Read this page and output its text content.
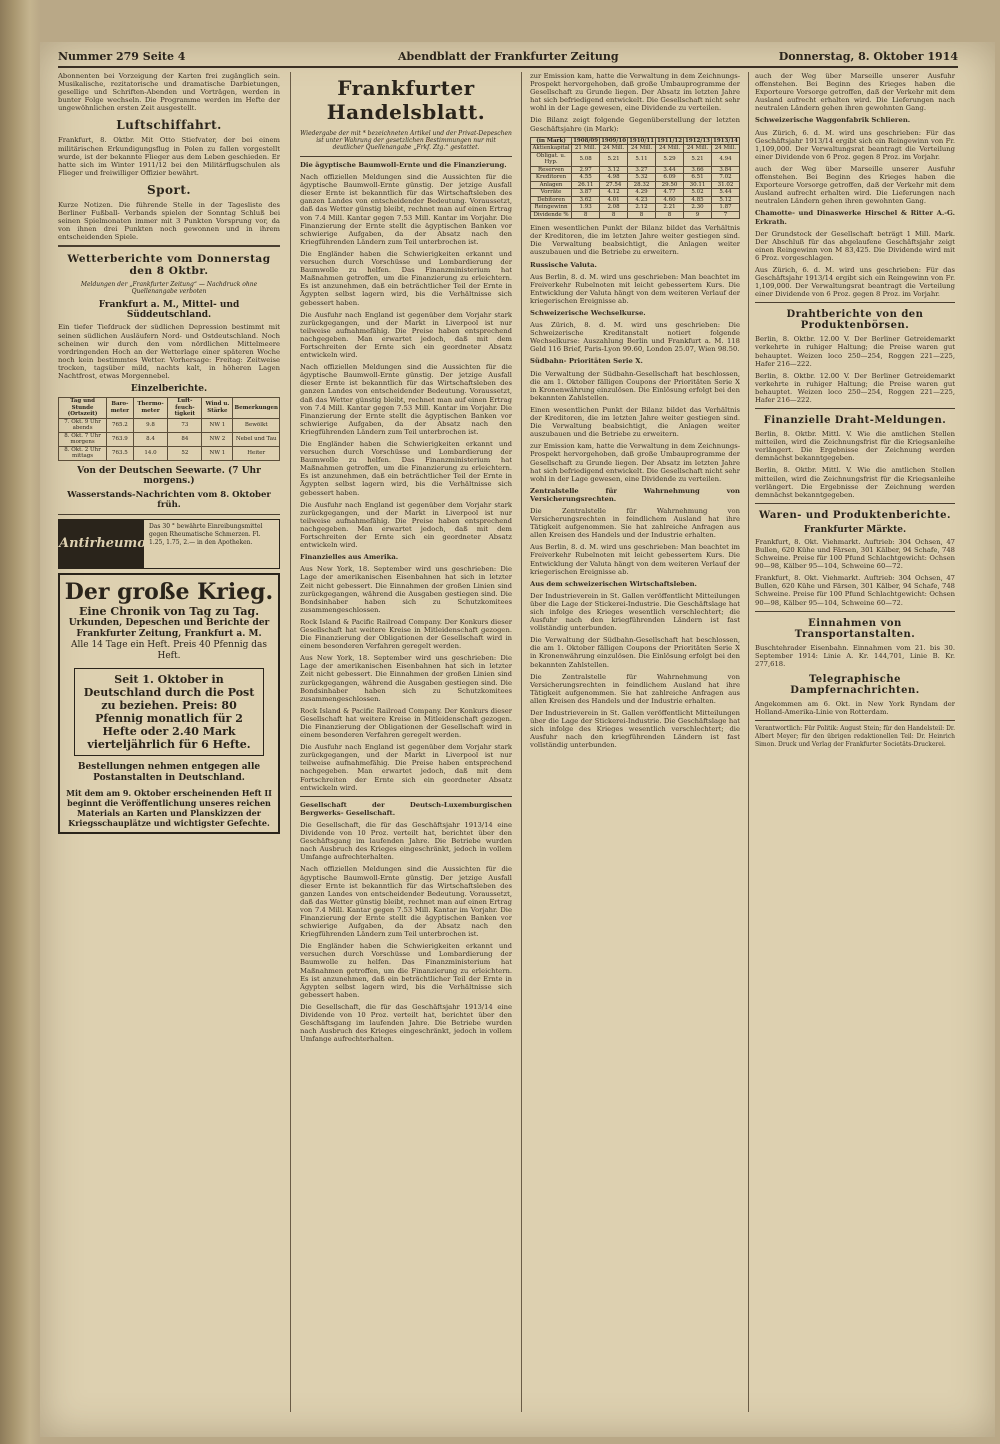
Nummer 279 Seite 4	Abendblatt der Frankfurter Zeitung	Donnerstag, 8. Oktober 1914

Abonnenten bei Vorzeigung der Karten frei zugänglich sein. Musikalische, rezitatorische und dramatische Darbietungen, gesellige und Schriften-Abenden und Vorträgen, werden in bunter Folge wechseln. Die Programme werden im Hefte der ungewöhnlichen ersten Zeit ausgestellt.

Luftschiffahrt.

Frankfurt, 8. Oktbr. Mit Otto Stiefvater, der bei einem militärischen Erkundigungsflug in Polen zu fallen vorgestellt wurde, ist der bekannte Flieger aus dem Leben geschieden. Er hatte sich im Winter 1911/12 bei den Militärflugschulen als Flieger und freiwilliger Offizier bewährt.

Sport.

Kurze Notizen. Die führende Stelle in der Tagesliste des Berliner Fußball- Verbands spielen der Sonntag Schluß bei seinen Spielmonaten immer mit 3 Punkten Vorsprung vor, da von ihnen drei Punkten noch gewonnen und in ihrem entscheidenden Spiele.

Wetterberichte vom Donnerstag den 8 Oktbr.
Meldungen der „Frankfurter Zeitung“ — Nachdruck ohne Quellenangabe verboten
Frankfurt a. M., Mittel- und Süddeutschland.

Ein tiefer Tiefdruck der südlichen Depression bestimmt mit seinen südlichen Ausläufern Nord- und Ostdeutschland. Noch scheinen wir durch den vom nördlichen Mittelmeere vordringenden Hoch an der Wetterlage einer späteren Woche noch kein bestimmtes Wetter. Vorhersage: Freitag: Zeitweise trocken, tagsüber mild, nachts kalt, in höheren Lagen Nachtfrost, etwas Morgennebel.

Einzelberichte.
Tag und Stunde (Ortszeit)	Baro-meter	Thermo-meter	Luft-feuch-tigkeit	Wind u. Stärke	Bemerkungen
7. Okt. 9 Uhr abends	765.2	9.8	73	NW 1	Bewölkt
8. Okt. 7 Uhr morgens	763.9	8.4	84	NW 2	Nebel und Tau
8. Okt. 2 Uhr mittags	763.5	14.0	52	NW 1	Heiter
Von der Deutschen Seewarte. (7 Uhr morgens.)
Wasserstands-Nachrichten vom 8. Oktober früh.
Antirheumol
Das 30 ° bewährte Einreibungsmittel gegen Rheumatische Schmerzen. Fl. 1.25, 1.75, 2.— in den Apotheken.
Der große Krieg.
Eine Chronik von Tag zu Tag.
Urkunden, Depeschen und Berichte der Frankfurter Zeitung, Frankfurt a. M.
Alle 14 Tage ein Heft. Preis 40 Pfennig das Heft.
Seit 1. Oktober in Deutschland durch die Post zu beziehen. Preis: 80 Pfennig monatlich für 2 Hefte oder 2.40 Mark vierteljährlich für 6 Hefte.
Bestellungen nehmen entgegen alle Postanstalten in Deutschland.
Mit dem am 9. Oktober erscheinenden Heft II beginnt die Veröffentlichung unseres reichen Materials an Karten und Planskizzen der Kriegsschauplätze und wichtigster Gefechte.
Frankfurter Handelsblatt.
Wiedergabe der mit * bezeichneten Artikel und der Privat-Depeschen ist unter Wahrung der gesetzlichen Bestimmungen nur mit deutlicher Quellenangabe „Frkf. Ztg.“ gestattet.

Die ägyptische Baumwoll-Ernte und die Finanzierung.

Nach offiziellen Meldungen sind die Aussichten für die ägyptische Baumwoll-Ernte günstig. Der jetzige Ausfall dieser Ernte ist bekanntlich für das Wirtschaftsleben des ganzen Landes von entscheidender Bedeutung. Voraussetzt, daß das Wetter günstig bleibt, rechnet man auf einen Ertrag von 7.4 Mill. Kantar gegen 7.53 Mill. Kantar im Vorjahr. Die Finanzierung der Ernte stellt die ägyptischen Banken vor schwierige Aufgaben, da der Absatz nach den Kriegführenden Ländern zum Teil unterbrochen ist.

Die Engländer haben die Schwierigkeiten erkannt und versuchen durch Vorschüsse und Lombardierung der Baumwolle zu helfen. Das Finanzministerium hat Maßnahmen getroffen, um die Finanzierung zu erleichtern. Es ist anzunehmen, daß ein beträchtlicher Teil der Ernte in Ägypten selbst lagern wird, bis die Verhältnisse sich gebessert haben.

Die Ausfuhr nach England ist gegenüber dem Vorjahr stark zurückgegangen, und der Markt in Liverpool ist nur teilweise aufnahmefähig. Die Preise haben entsprechend nachgegeben. Man erwartet jedoch, daß mit dem Fortschreiten der Ernte sich ein geordneter Absatz entwickeln wird.

Nach offiziellen Meldungen sind die Aussichten für die ägyptische Baumwoll-Ernte günstig. Der jetzige Ausfall dieser Ernte ist bekanntlich für das Wirtschaftsleben des ganzen Landes von entscheidender Bedeutung. Voraussetzt, daß das Wetter günstig bleibt, rechnet man auf einen Ertrag von 7.4 Mill. Kantar gegen 7.53 Mill. Kantar im Vorjahr. Die Finanzierung der Ernte stellt die ägyptischen Banken vor schwierige Aufgaben, da der Absatz nach den Kriegführenden Ländern zum Teil unterbrochen ist.

Die Engländer haben die Schwierigkeiten erkannt und versuchen durch Vorschüsse und Lombardierung der Baumwolle zu helfen. Das Finanzministerium hat Maßnahmen getroffen, um die Finanzierung zu erleichtern. Es ist anzunehmen, daß ein beträchtlicher Teil der Ernte in Ägypten selbst lagern wird, bis die Verhältnisse sich gebessert haben.

Die Ausfuhr nach England ist gegenüber dem Vorjahr stark zurückgegangen, und der Markt in Liverpool ist nur teilweise aufnahmefähig. Die Preise haben entsprechend nachgegeben. Man erwartet jedoch, daß mit dem Fortschreiten der Ernte sich ein geordneter Absatz entwickeln wird.

Finanzielles aus Amerika.

Aus New York, 18. September wird uns geschrieben: Die Lage der amerikanischen Eisenbahnen hat sich in letzter Zeit nicht gebessert. Die Einnahmen der großen Linien sind zurückgegangen, während die Ausgaben gestiegen sind. Die Bondsinhaber haben sich zu Schutzkomitees zusammengeschlossen.

Rock Island & Pacific Railroad Company. Der Konkurs dieser Gesellschaft hat weitere Kreise in Mitleidenschaft gezogen. Die Finanzierung der Obligationen der Gesellschaft wird in einem besonderen Verfahren geregelt werden.

Aus New York, 18. September wird uns geschrieben: Die Lage der amerikanischen Eisenbahnen hat sich in letzter Zeit nicht gebessert. Die Einnahmen der großen Linien sind zurückgegangen, während die Ausgaben gestiegen sind. Die Bondsinhaber haben sich zu Schutzkomitees zusammengeschlossen.

Rock Island & Pacific Railroad Company. Der Konkurs dieser Gesellschaft hat weitere Kreise in Mitleidenschaft gezogen. Die Finanzierung der Obligationen der Gesellschaft wird in einem besonderen Verfahren geregelt werden.

Die Ausfuhr nach England ist gegenüber dem Vorjahr stark zurückgegangen, und der Markt in Liverpool ist nur teilweise aufnahmefähig. Die Preise haben entsprechend nachgegeben. Man erwartet jedoch, daß mit dem Fortschreiten der Ernte sich ein geordneter Absatz entwickeln wird.

Gesellschaft der Deutsch-Luxemburgischen Bergwerks- Gesellschaft.

Die Gesellschaft, die für das Geschäftsjahr 1913/14 eine Dividende von 10 Proz. verteilt hat, berichtet über den Geschäftsgang im laufenden Jahre. Die Betriebe wurden nach Ausbruch des Krieges eingeschränkt, jedoch in vollem Umfange aufrechterhalten.

Nach offiziellen Meldungen sind die Aussichten für die ägyptische Baumwoll-Ernte günstig. Der jetzige Ausfall dieser Ernte ist bekanntlich für das Wirtschaftsleben des ganzen Landes von entscheidender Bedeutung. Voraussetzt, daß das Wetter günstig bleibt, rechnet man auf einen Ertrag von 7.4 Mill. Kantar gegen 7.53 Mill. Kantar im Vorjahr. Die Finanzierung der Ernte stellt die ägyptischen Banken vor schwierige Aufgaben, da der Absatz nach den Kriegführenden Ländern zum Teil unterbrochen ist.

Die Engländer haben die Schwierigkeiten erkannt und versuchen durch Vorschüsse und Lombardierung der Baumwolle zu helfen. Das Finanzministerium hat Maßnahmen getroffen, um die Finanzierung zu erleichtern. Es ist anzunehmen, daß ein beträchtlicher Teil der Ernte in Ägypten selbst lagern wird, bis die Verhältnisse sich gebessert haben.

Die Gesellschaft, die für das Geschäftsjahr 1913/14 eine Dividende von 10 Proz. verteilt hat, berichtet über den Geschäftsgang im laufenden Jahre. Die Betriebe wurden nach Ausbruch des Krieges eingeschränkt, jedoch in vollem Umfange aufrechterhalten.

zur Emission kam, hatte die Verwaltung in dem Zeichnungs-Prospekt hervorgehoben, daß große Umbauprogramme der Gesellschaft zu Grunde liegen. Der Absatz im letzten Jahre hat sich befriedigend entwickelt. Die Gesellschaft nicht sehr wohl in der Lage gewesen, eine Dividende zu verteilen.

Die Bilanz zeigt folgende Gegenüberstellung der letzten Geschäftsjahre (in Mark):

(in Mark)	1908/09	1909/10	1910/11	1911/12	1912/13	1913/14
Aktienkapital	21 Mill.	24 Mill.	24 Mill.	24 Mill.	24 Mill.	24 Mill.
Obligat. u. Hyp.	5.08	5.21	5.11	5.29	5.21	4.94
Reserven	2.97	3.12	3.27	3.44	3.66	3.84
Kreditoren	4.55	4.98	5.32	6.09	6.51	7.02
Anlagen	26.11	27.54	28.32	29.50	30.11	31.02
Vorräte	3.87	4.12	4.29	4.77	5.02	5.44
Debitoren	3.62	4.01	4.23	4.60	4.85	5.12
Reingewinn	1.93	2.08	2.12	2.21	2.30	1.87
Dividende %	8	8	8	8	9	7

Einen wesentlichen Punkt der Bilanz bildet das Verhältnis der Kreditoren, die im letzten Jahre weiter gestiegen sind. Die Verwaltung beabsichtigt, die Anlagen weiter auszubauen und die Betriebe zu erweitern.

Russische Valuta.

Aus Berlin, 8. d. M. wird uns geschrieben: Man beachtet im Freiverkehr Rubelnoten mit leicht gebessertem Kurs. Die Entwicklung der Valuta hängt von dem weiteren Verlauf der kriegerischen Ereignisse ab.

Schweizerische Wechselkurse.

Aus Zürich, 8. d. M. wird uns geschrieben: Die Schweizerische Kreditanstalt notiert folgende Wechselkurse: Auszahlung Berlin und Frankfurt a. M. 118 Geld 116 Brief, Paris-Lyon 99.60, London 25.07, Wien 98.50.

Südbahn- Prioritäten Serie X.

Die Verwaltung der Südbahn-Gesellschaft hat beschlossen, die am 1. Oktober fälligen Coupons der Prioritäten Serie X in Kronenwährung einzulösen. Die Einlösung erfolgt bei den bekannten Zahlstellen.

Einen wesentlichen Punkt der Bilanz bildet das Verhältnis der Kreditoren, die im letzten Jahre weiter gestiegen sind. Die Verwaltung beabsichtigt, die Anlagen weiter auszubauen und die Betriebe zu erweitern.

zur Emission kam, hatte die Verwaltung in dem Zeichnungs-Prospekt hervorgehoben, daß große Umbauprogramme der Gesellschaft zu Grunde liegen. Der Absatz im letzten Jahre hat sich befriedigend entwickelt. Die Gesellschaft nicht sehr wohl in der Lage gewesen, eine Dividende zu verteilen.

Zentralstelle für Wahrnehmung von Versicherungsrechten.

Die Zentralstelle für Wahrnehmung von Versicherungsrechten in feindlichem Ausland hat ihre Tätigkeit aufgenommen. Sie hat zahlreiche Anfragen aus allen Kreisen des Handels und der Industrie erhalten.

Aus Berlin, 8. d. M. wird uns geschrieben: Man beachtet im Freiverkehr Rubelnoten mit leicht gebessertem Kurs. Die Entwicklung der Valuta hängt von dem weiteren Verlauf der kriegerischen Ereignisse ab.

Aus dem schweizerischen Wirtschaftsleben.

Der Industrieverein in St. Gallen veröffentlicht Mitteilungen über die Lage der Stickerei-Industrie. Die Geschäftslage hat sich infolge des Krieges wesentlich verschlechtert; die Ausfuhr nach den kriegführenden Ländern ist fast vollständig unterbunden.

Die Verwaltung der Südbahn-Gesellschaft hat beschlossen, die am 1. Oktober fälligen Coupons der Prioritäten Serie X in Kronenwährung einzulösen. Die Einlösung erfolgt bei den bekannten Zahlstellen.

Die Zentralstelle für Wahrnehmung von Versicherungsrechten in feindlichem Ausland hat ihre Tätigkeit aufgenommen. Sie hat zahlreiche Anfragen aus allen Kreisen des Handels und der Industrie erhalten.

Der Industrieverein in St. Gallen veröffentlicht Mitteilungen über die Lage der Stickerei-Industrie. Die Geschäftslage hat sich infolge des Krieges wesentlich verschlechtert; die Ausfuhr nach den kriegführenden Ländern ist fast vollständig unterbunden.

auch der Weg über Marseille unserer Ausfuhr offenstehen. Bei Beginn des Krieges haben die Exporteure Vorsorge getroffen, daß der Verkehr mit dem Ausland aufrecht erhalten wird. Die Lieferungen nach neutralen Ländern gehen ihren gewohnten Gang.

Schweizerische Waggonfabrik Schlieren.

Aus Zürich, 6. d. M. wird uns geschrieben: Für das Geschäftsjahr 1913/14 ergibt sich ein Reingewinn von Fr. 1,109,000. Der Verwaltungsrat beantragt die Verteilung einer Dividende von 6 Proz. gegen 8 Proz. im Vorjahr.

auch der Weg über Marseille unserer Ausfuhr offenstehen. Bei Beginn des Krieges haben die Exporteure Vorsorge getroffen, daß der Verkehr mit dem Ausland aufrecht erhalten wird. Die Lieferungen nach neutralen Ländern gehen ihren gewohnten Gang.

Chamotte- und Dinaswerke Hirschel & Ritter A.-G. Erkrath.

Der Grundstock der Gesellschaft beträgt 1 Mill. Mark. Der Abschluß für das abgelaufene Geschäftsjahr zeigt einen Reingewinn von M 83,425. Die Dividende wird mit 6 Proz. vorgeschlagen.

Aus Zürich, 6. d. M. wird uns geschrieben: Für das Geschäftsjahr 1913/14 ergibt sich ein Reingewinn von Fr. 1,109,000. Der Verwaltungsrat beantragt die Verteilung einer Dividende von 6 Proz. gegen 8 Proz. im Vorjahr.

Drahtberichte von den Produktenbörsen.

Berlin, 8. Oktbr. 12.00 V. Der Berliner Getreidemarkt verkehrte in ruhiger Haltung; die Preise waren gut behauptet. Weizen loco 250—254, Roggen 221—225, Hafer 216—222.

Berlin, 8. Oktbr. 12.00 V. Der Berliner Getreidemarkt verkehrte in ruhiger Haltung; die Preise waren gut behauptet. Weizen loco 250—254, Roggen 221—225, Hafer 216—222.

Finanzielle Draht-Meldungen.

Berlin, 8. Oktbr. Mittl. V. Wie die amtlichen Stellen mitteilen, wird die Zeichnungsfrist für die Kriegsanleihe verlängert. Die Ergebnisse der Zeichnung werden demnächst bekanntgegeben.

Berlin, 8. Oktbr. Mittl. V. Wie die amtlichen Stellen mitteilen, wird die Zeichnungsfrist für die Kriegsanleihe verlängert. Die Ergebnisse der Zeichnung werden demnächst bekanntgegeben.

Waren- und Produktenberichte.
Frankfurter Märkte.

Frankfurt, 8. Okt. Viehmarkt. Auftrieb: 304 Ochsen, 47 Bullen, 620 Kühe und Färsen, 301 Kälber, 94 Schafe, 748 Schweine. Preise für 100 Pfund Schlachtgewicht: Ochsen 90—98, Kälber 95—104, Schweine 60—72.

Frankfurt, 8. Okt. Viehmarkt. Auftrieb: 304 Ochsen, 47 Bullen, 620 Kühe und Färsen, 301 Kälber, 94 Schafe, 748 Schweine. Preise für 100 Pfund Schlachtgewicht: Ochsen 90—98, Kälber 95—104, Schweine 60—72.

Einnahmen von Transportanstalten.

Buschtehrader Eisenbahn. Einnahmen vom 21. bis 30. September 1914: Linie A. Kr. 144,701, Linie B. Kr. 277,618.

Telegraphische Dampfernachrichten.

Angekommen am 6. Okt. in New York Ryndam der Holland-Amerika-Linie von Rotterdam.

Verantwortlich: Für Politik: August Stein; für den Handelsteil: Dr. Albert Meyer; für den übrigen redaktionellen Teil: Dr. Heinrich Simon. Druck und Verlag der Frankfurter Societäts-Druckerei.
